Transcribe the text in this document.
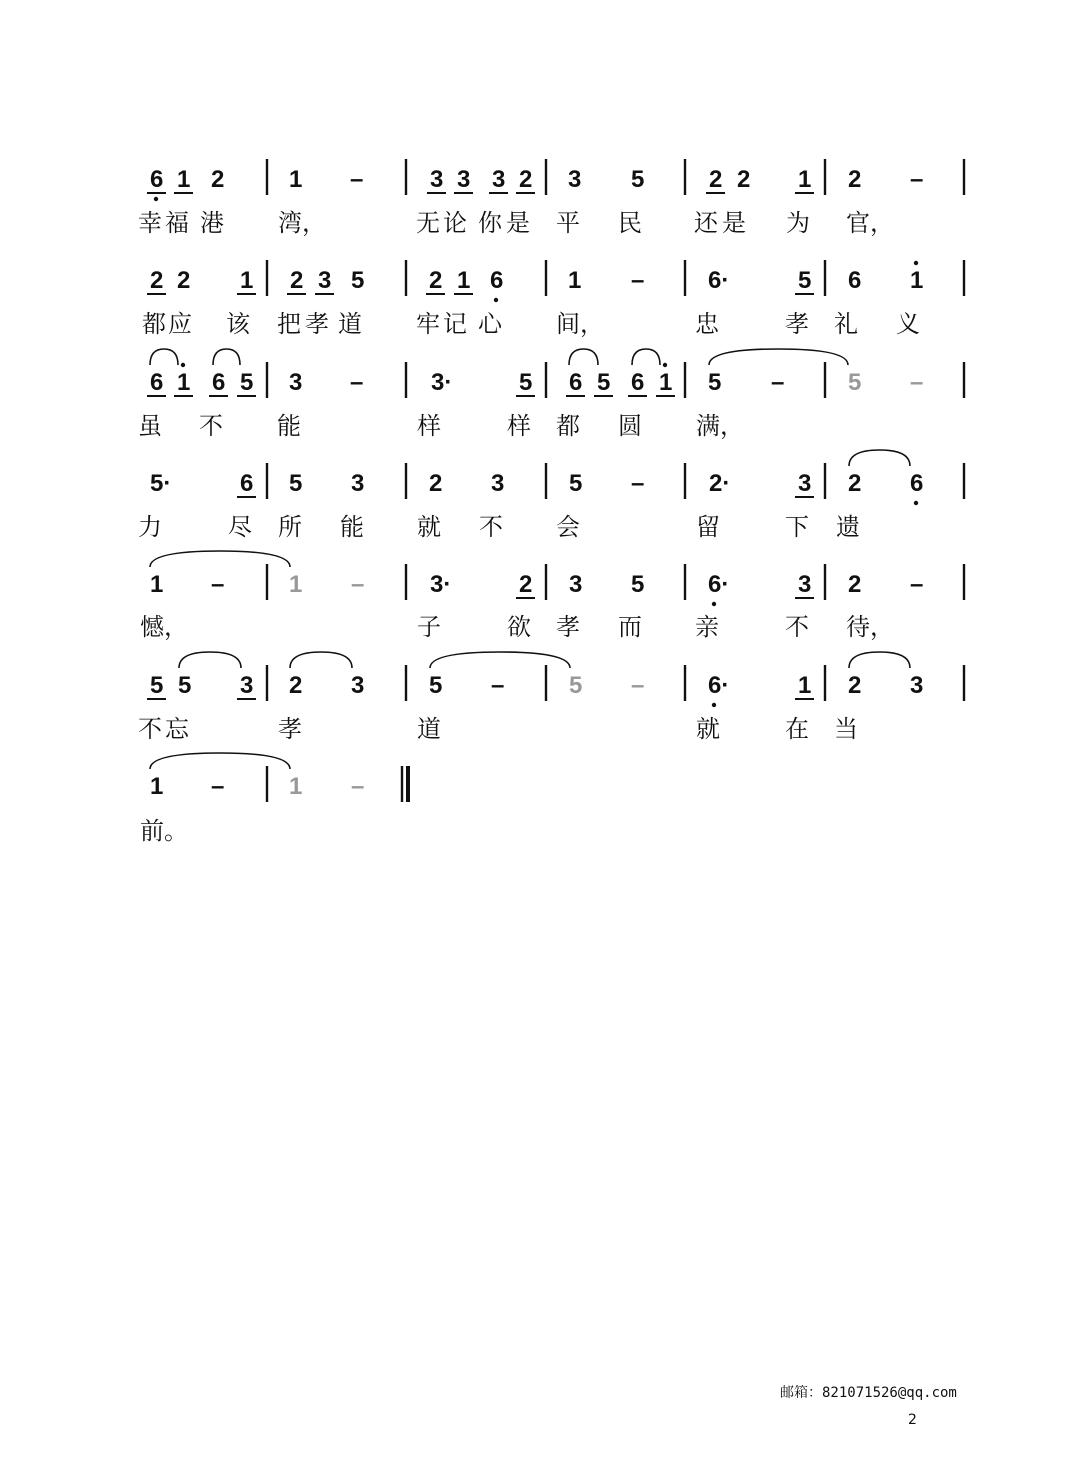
6 1 2	1 –	3 3 3 2 3 5	2 2 1 2 –
幸 福 港 湾，	无 论 你 是 平 民 还 是 为 官，
2 2 1 2 3 5	2 1 6	1 –	6·	5 6 1
都 应 该 把 孝 道 牢 记 心 间，	忠	孝 礼 义
6 1 6 5 3 –	3·	5 6 5 6 1 5 –	5 –
虽 不 能	样	样 都 圆 满，
5·	6 5 3	2 3	5 –	2·	3 2 6
力	尽 所 能 就 不 会	留	下 遗
1 –	1 –	3·	2 3 5	6·	3 2 –
憾，	子	欲 孝 而 亲	不 待，
5 5 3 2 3	5 –	5 –	6·	1 2 3
不 忘	孝	道	就	在 当
1 –	1 –
前。
邮箱：821071526@qq.com
2
